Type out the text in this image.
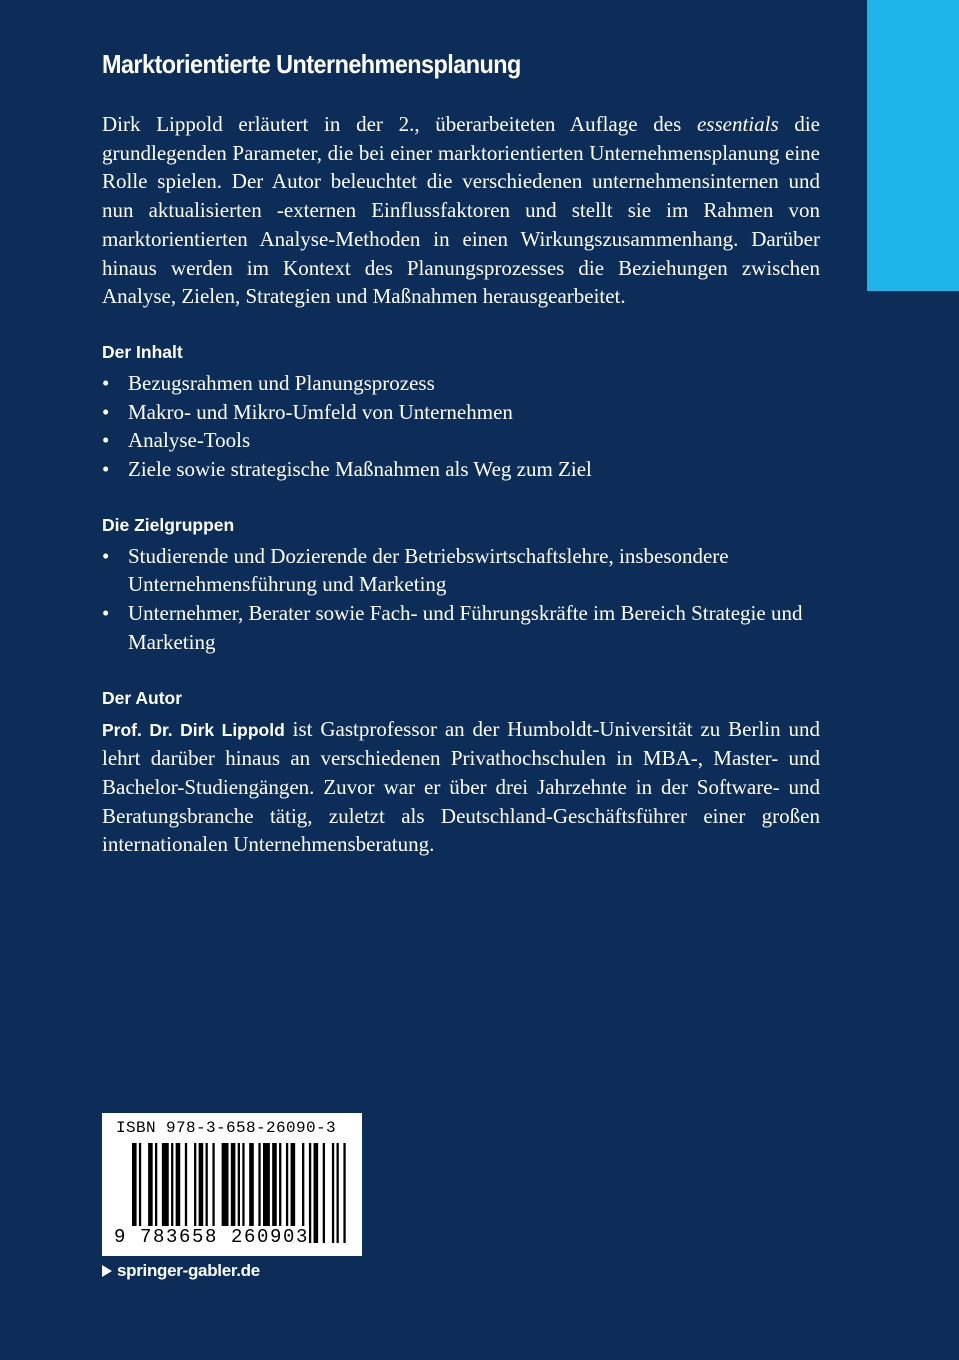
Marktorientierte Unternehmensplanung

Dirk Lippold erläutert in der 2., überarbeiteten Auflage des essentials die grundlegenden Parameter, die bei einer marktorientierten Unternehmensplanung eine Rolle spielen. Der Autor beleuchtet die verschiedenen unternehmensinternen und nun aktualisierten -externen Einflussfaktoren und stellt sie im Rahmen von marktorientierten Analyse-Methoden in einen Wirkungszusammenhang. Darüber hinaus werden im Kontext des Planungsprozesses die Beziehungen zwischen Analyse, Zielen, Strategien und Maßnahmen herausgearbeitet.

Der Inhalt
• Bezugsrahmen und Planungsprozess
• Makro- und Mikro-Umfeld von Unternehmen
• Analyse-Tools
• Ziele sowie strategische Maßnahmen als Weg zum Ziel
Die Zielgruppen
• Studierende und Dozierende der Betriebswirtschaftslehre, insbesondere Unternehmensführung und Marketing
• Unternehmer, Berater sowie Fach- und Führungskräfte im Bereich Strategie und Marketing
Der Autor

Prof. Dr. Dirk Lippold ist Gastprofessor an der Humboldt-Universität zu Berlin und lehrt darüber hinaus an verschiedenen Privathochschulen in MBA-, Master- und Bachelor-Studiengängen. Zuvor war er über drei Jahrzehnte in der Software- und Beratungsbranche tätig, zuletzt als Deutschland-Geschäftsführer einer großen internationalen Unternehmensberatung.

ISBN 978-3-658-26090-3
9 783658 260903
springer-gabler.de
